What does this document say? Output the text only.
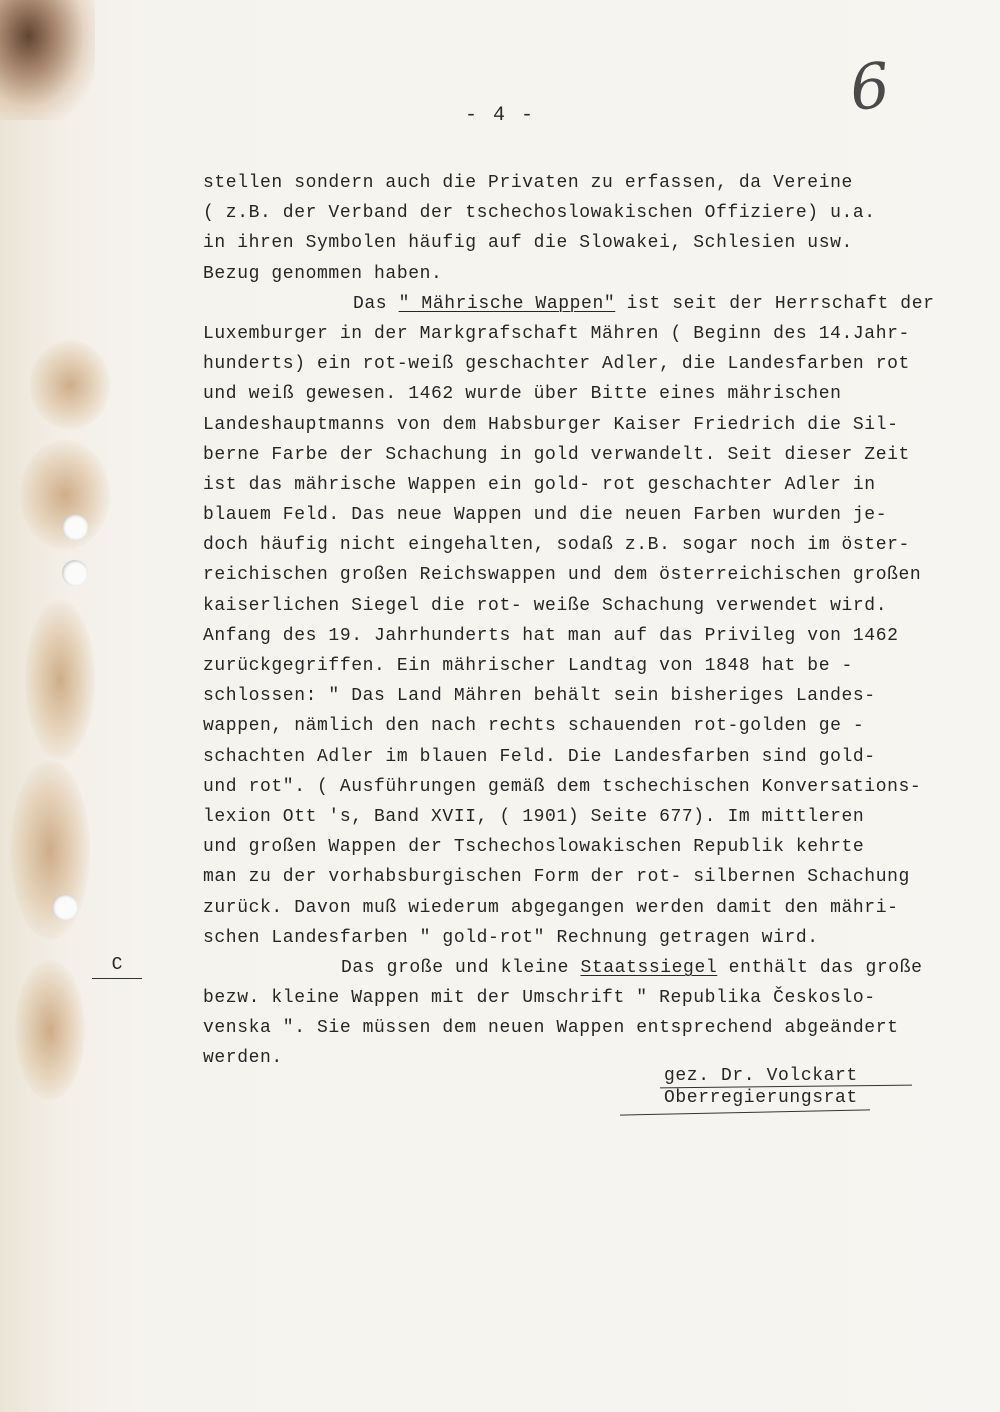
- 4 -	6
stellen sondern auch die Privaten zu erfassen, da Vereine
( z.B. der Verband der tschechoslowakischen Offiziere) u.a.
in ihren Symbolen häufig auf die Slowakei, Schlesien usw.
Bezug genommen haben.
Das " Mährische Wappen" ist seit der Herrschaft der
Luxemburger in der Markgrafschaft Mähren ( Beginn des 14.Jahr-
hunderts) ein rot-weiß geschachter Adler, die Landesfarben rot
und weiß gewesen. 1462 wurde über Bitte eines mährischen
Landeshauptmanns von dem Habsburger Kaiser Friedrich die Sil-
berne Farbe der Schachung in gold verwandelt. Seit dieser Zeit
ist das mährische Wappen ein gold- rot geschachter Adler in
blauem Feld. Das neue Wappen und die neuen Farben wurden je-
doch häufig nicht eingehalten, sodaß z.B. sogar noch im öster-
reichischen großen Reichswappen und dem österreichischen großen
kaiserlichen Siegel die rot- weiße Schachung verwendet wird.
Anfang des 19. Jahrhunderts hat man auf das Privileg von 1462
zurückgegriffen. Ein mährischer Landtag von 1848 hat be -
schlossen: " Das Land Mähren behält sein bisheriges Landes-
wappen, nämlich den nach rechts schauenden rot-golden ge -
schachten Adler im blauen Feld. Die Landesfarben sind gold-
und rot". ( Ausführungen gemäß dem tschechischen Konversations-
lexion Ott 's, Band XVII, ( 1901) Seite 677). Im mittleren
und großen Wappen der Tschechoslowakischen Republik kehrte
man zu der vorhabsburgischen Form der rot- silbernen Schachung
zurück. Davon muß wiederum abgegangen werden damit den mähri-
schen Landesfarben " gold-rot" Rechnung getragen wird.
Das große und kleine Staatssiegel enthält das große
bezw. kleine Wappen mit der Umschrift " Republika Českoslo-
venska ". Sie müssen dem neuen Wappen entsprechend abgeändert
werden.
C
gez. Dr. Volckart
Oberregierungsrat
